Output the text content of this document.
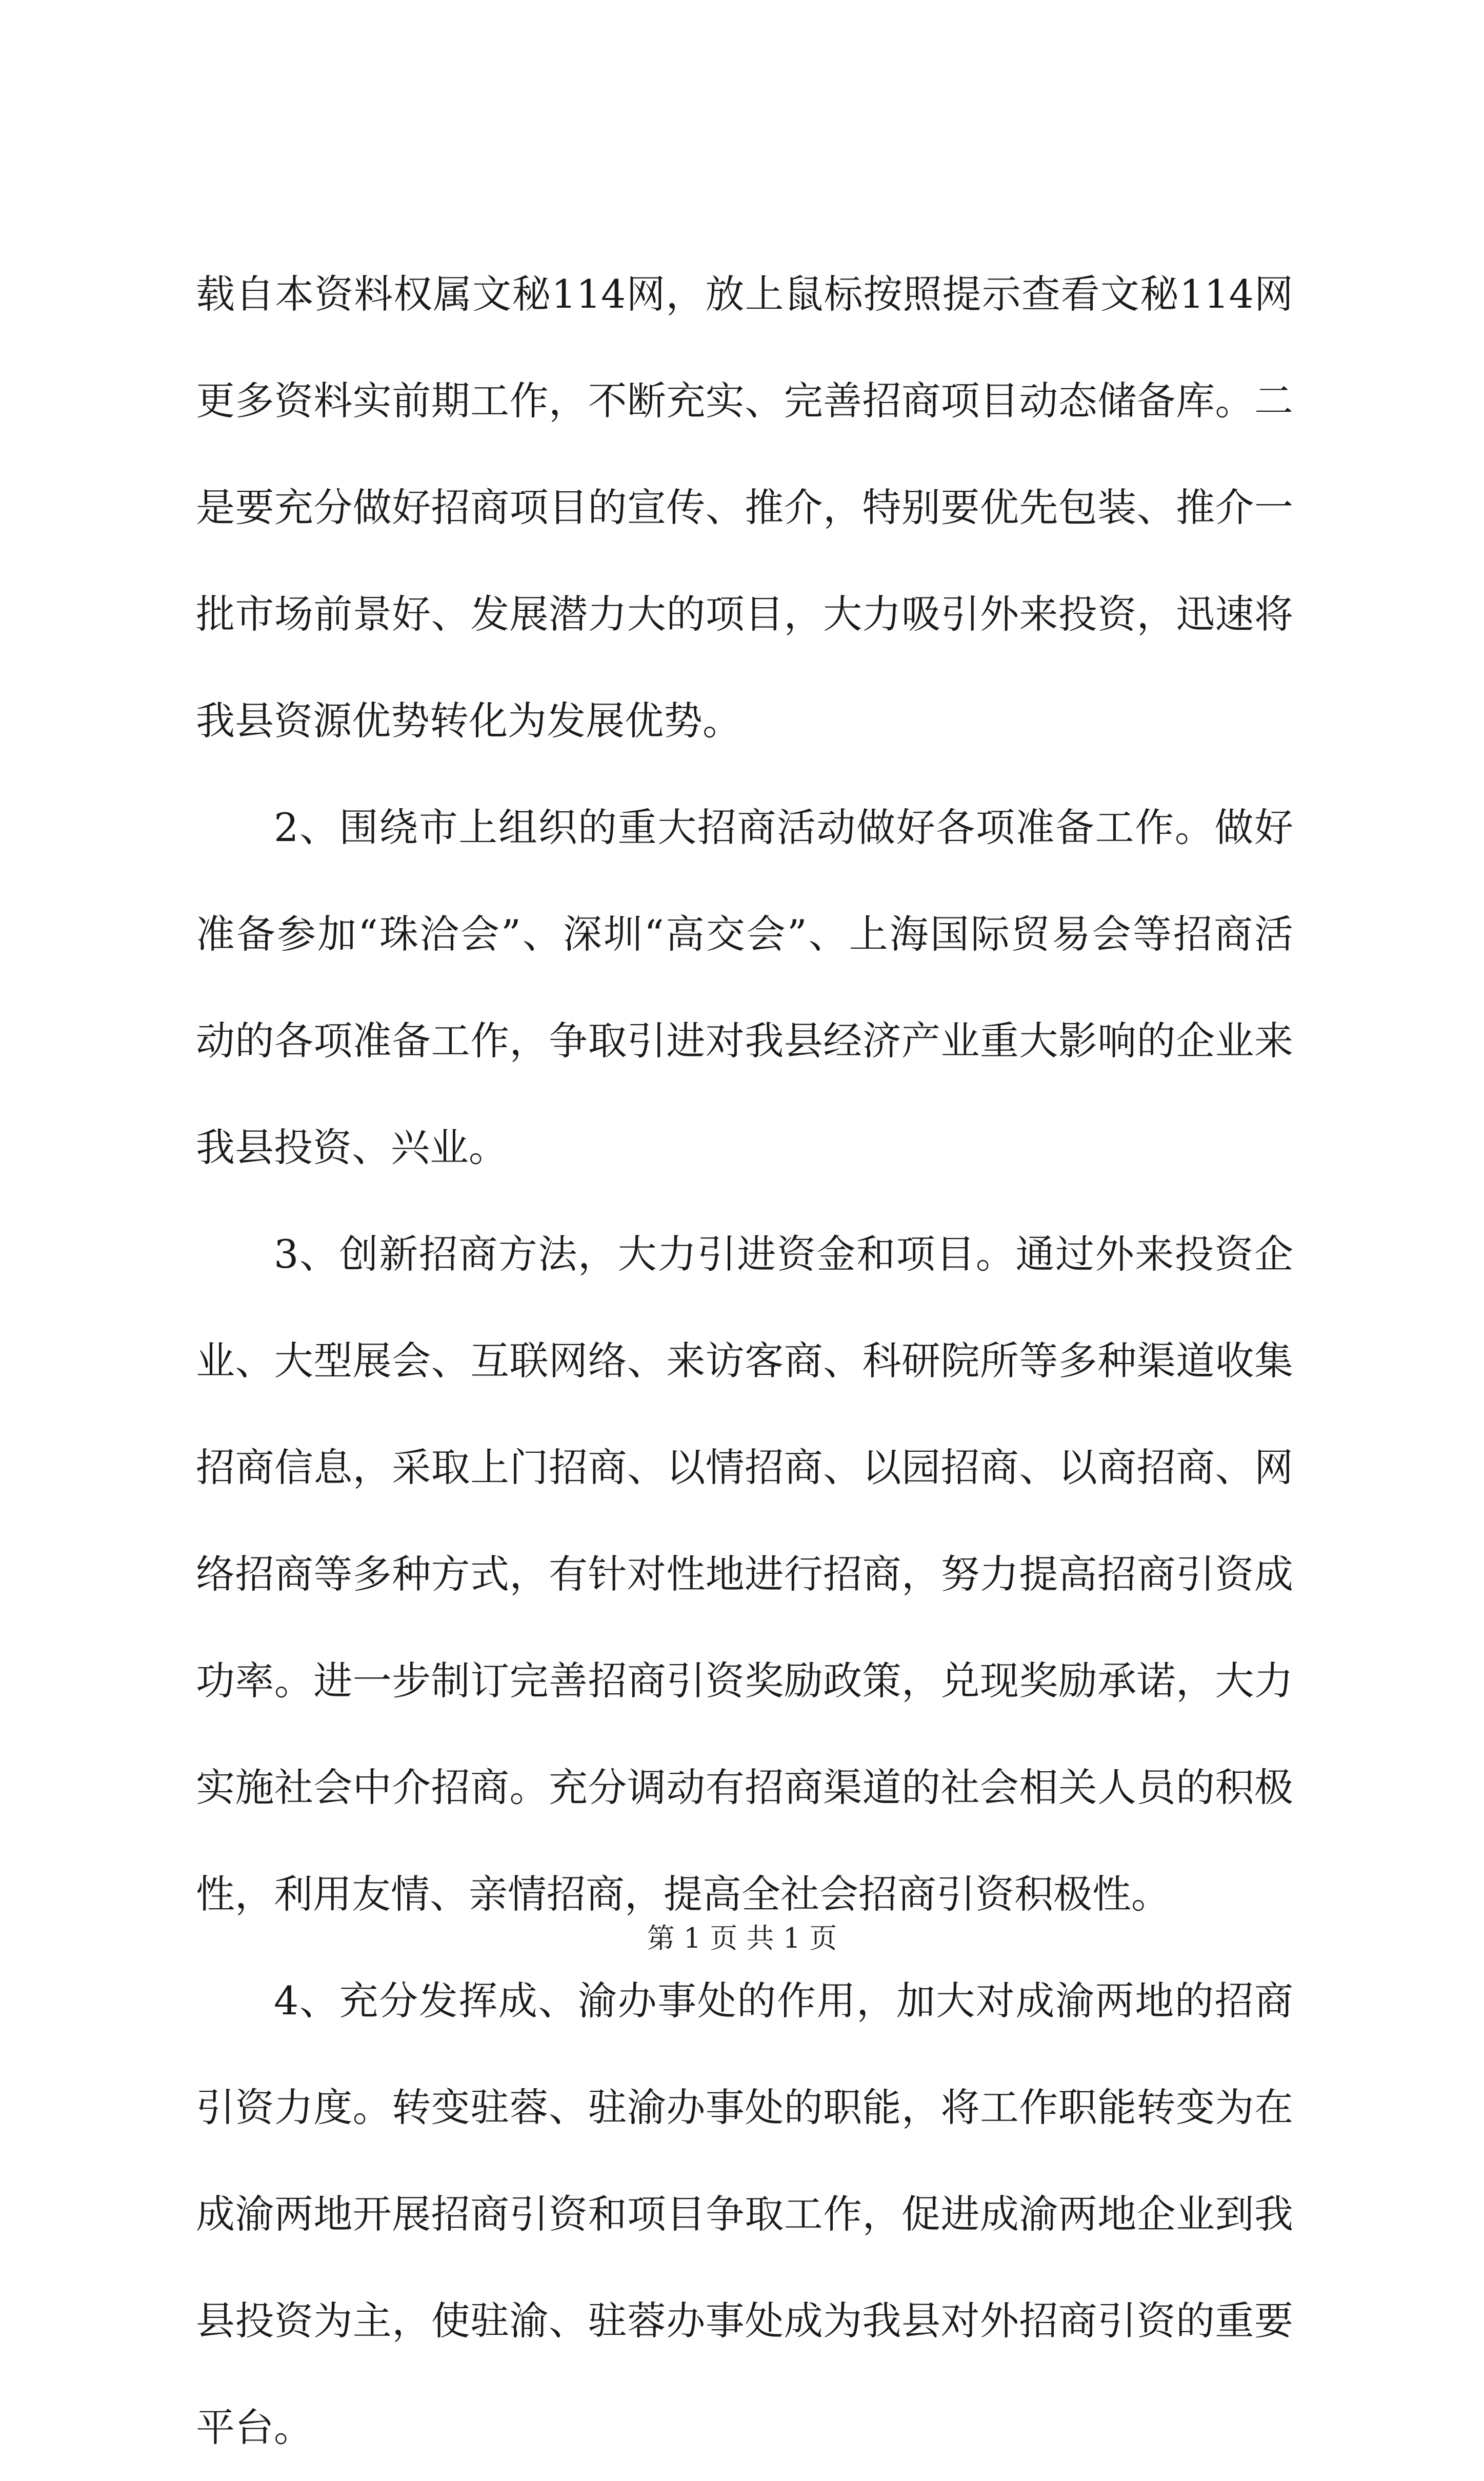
载自本资料权属文秘114网，放上鼠标按照提示查看文秘114网
更多资料实前期工作，不断充实、完善招商项目动态储备库。二
是要充分做好招商项目的宣传、推介，特别要优先包装、推介一
批市场前景好、发展潜力大的项目，大力吸引外来投资，迅速将
我县资源优势转化为发展优势。
2、围绕市上组织的重大招商活动做好各项准备工作。做好
准备参加“珠洽会”、深圳“高交会”、上海国际贸易会等招商活
动的各项准备工作，争取引进对我县经济产业重大影响的企业来
我县投资、兴业。
3、创新招商方法，大力引进资金和项目。通过外来投资企
业、大型展会、互联网络、来访客商、科研院所等多种渠道收集
招商信息，采取上门招商、以情招商、以园招商、以商招商、网
络招商等多种方式，有针对性地进行招商，努力提高招商引资成
功率。进一步制订完善招商引资奖励政策，兑现奖励承诺，大力
实施社会中介招商。充分调动有招商渠道的社会相关人员的积极
性，利用友情、亲情招商，提高全社会招商引资积极性。
4、充分发挥成、渝办事处的作用，加大对成渝两地的招商
引资力度。转变驻蓉、驻渝办事处的职能，将工作职能转变为在
成渝两地开展招商引资和项目争取工作，促进成渝两地企业到我
县投资为主，使驻渝、驻蓉办事处成为我县对外招商引资的重要
平台。
第 1 页 共 1 页
